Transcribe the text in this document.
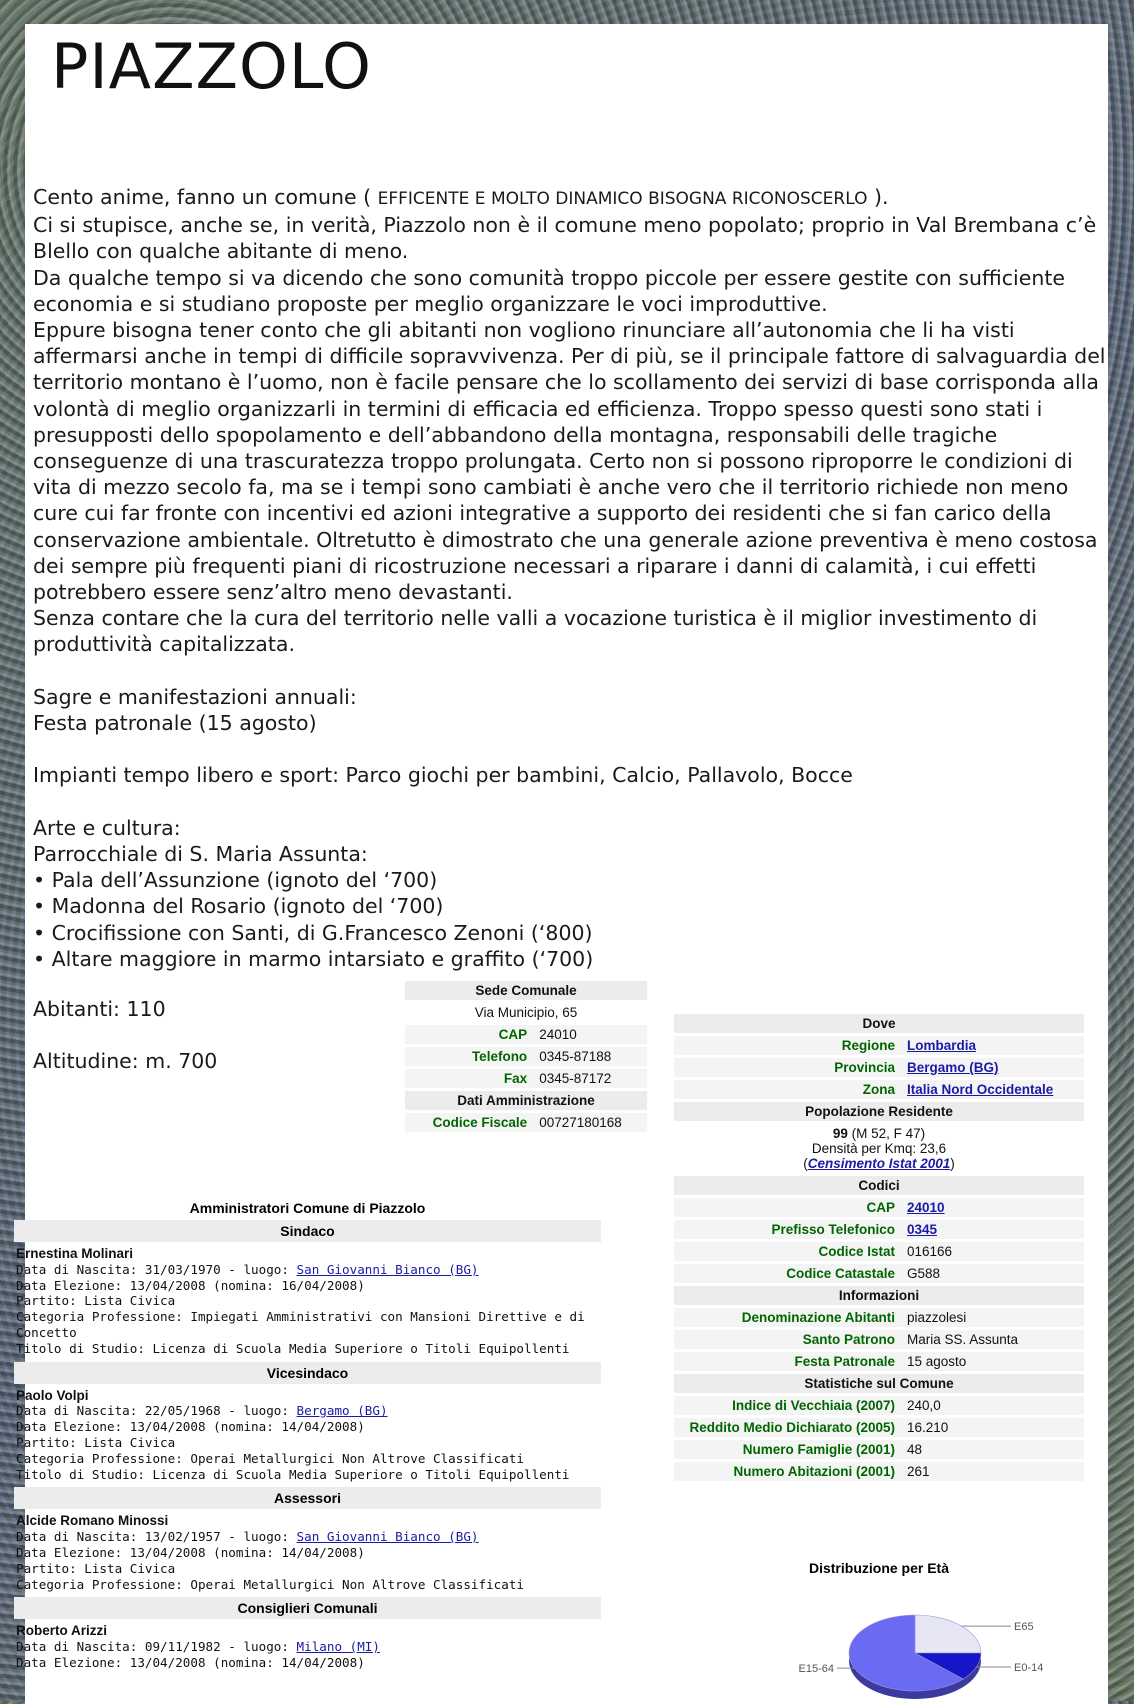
PIAZZOLO

Cento anime, fanno un comune ( EFFICENTE E MOLTO DINAMICO BISOGNA RICONOSCERLO ).

Ci si stupisce, anche se, in verità, Piazzolo non è il comune meno popolato; proprio in Val Brembana c’è Blello con qualche abitante di meno.

Da qualche tempo si va dicendo che sono comunità troppo piccole per essere gestite con sufficiente economia e si studiano proposte per meglio organizzare le voci improduttive.

Eppure bisogna tener conto che gli abitanti non vogliono rinunciare all’autonomia che li ha visti affermarsi anche in tempi di difficile sopravvivenza. Per di più, se il principale fattore di salvaguardia del territorio montano è l’uomo, non è facile pensare che lo scollamento dei servizi di base corrisponda alla volontà di meglio organizzarli in termini di efficacia ed efficienza. Troppo spesso questi sono stati i presupposti dello spopolamento e dell’abbandono della montagna, responsabili delle tragiche conseguenze di una trascuratezza troppo prolungata. Certo non si possono riproporre le condizioni di vita di mezzo secolo fa, ma se i tempi sono cambiati è anche vero che il territorio richiede non meno cure cui far fronte con incentivi ed azioni integrative a supporto dei residenti che si fan carico della conservazione ambientale. Oltretutto è dimostrato che una generale azione preventiva è meno costosa dei sempre più frequenti piani di ricostruzione necessari a riparare i danni di calamità, i cui effetti potrebbero essere senz’altro meno devastanti.

Senza contare che la cura del territorio nelle valli a vocazione turistica è il miglior investimento di produttività capitalizzata.

Sagre e manifestazioni annuali:

Festa patronale (15 agosto)

Impianti tempo libero e sport: Parco giochi per bambini, Calcio, Pallavolo, Bocce

Arte e cultura:

Parrocchiale di S. Maria Assunta:

• Pala dell’Assunzione (ignoto del ‘700)

• Madonna del Rosario (ignoto del ‘700)

• Crocifissione con Santi, di G.Francesco Zenoni (‘800)

• Altare maggiore in marmo intarsiato e graffito (‘700)

Abitanti: 110

Altitudine: m. 700

Sede Comunale	
Via Municipio, 65	
CAP	24010
Telefono	0345-87188
Fax	0345-87172
Dati Amministrazione	
Codice Fiscale	00727180168
Dove	
Regione	Lombardia
Provincia	Bergamo (BG)
Zona	Italia Nord Occidentale
Popolazione Residente	
99 (M 52, F 47)
Densità per Kmq: 23,6
(Censimento Istat 2001)	
Codici	
CAP	24010
Prefisso Telefonico	0345
Codice Istat	016166
Codice Catastale	G588
Informazioni	
Denominazione Abitanti	piazzolesi
Santo Patrono	Maria SS. Assunta
Festa Patronale	15 agosto
Statistiche sul Comune	
Indice di Vecchiaia (2007)	240,0
Reddito Medio Dichiarato (2005)	16.210
Numero Famiglie (2001)	48
Numero Abitazioni (2001)	261
Distribuzione per Età
E65
E0-14
E15-64
Amministratori Comune di Piazzolo
Sindaco
Ernestina Molinari
Data di Nascita: 31/03/1970 - luogo: San Giovanni Bianco (BG)
Data Elezione: 13/04/2008 (nomina: 16/04/2008)
Partito: Lista Civica
Categoria Professione: Impiegati Amministrativi con Mansioni Direttive e di Concetto
Titolo di Studio: Licenza di Scuola Media Superiore o Titoli Equipollenti
Vicesindaco
Paolo Volpi
Data di Nascita: 22/05/1968 - luogo: Bergamo (BG)
Data Elezione: 13/04/2008 (nomina: 14/04/2008)
Partito: Lista Civica
Categoria Professione: Operai Metallurgici Non Altrove Classificati
Titolo di Studio: Licenza di Scuola Media Superiore o Titoli Equipollenti
Assessori
Alcide Romano Minossi
Data di Nascita: 13/02/1957 - luogo: San Giovanni Bianco (BG)
Data Elezione: 13/04/2008 (nomina: 14/04/2008)
Partito: Lista Civica
Categoria Professione: Operai Metallurgici Non Altrove Classificati
Consiglieri Comunali
Roberto Arizzi
Data di Nascita: 09/11/1982 - luogo: Milano (MI)
Data Elezione: 13/04/2008 (nomina: 14/04/2008)
